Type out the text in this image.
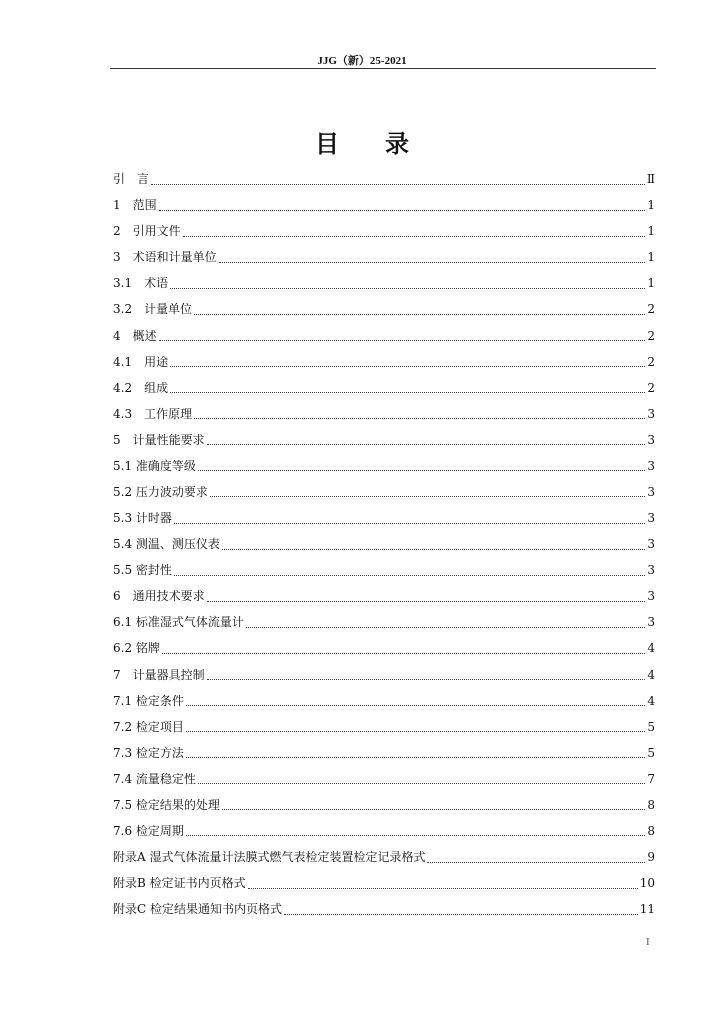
JJG（新）25-2021
目录
引　言	Ⅱ
1　范围	1
2　引用文件	1
3　术语和计量单位	1
3.1　术语	1
3.2　计量单位	2
4　概述	2
4.1　用途	2
4.2　组成	2
4.3　工作原理	3
5　计量性能要求	3
5.1 准确度等级	3
5.2 压力波动要求	3
5.3 计时器	3
5.4 测温、测压仪表	3
5.5 密封性	3
6　通用技术要求	3
6.1 标准湿式气体流量计	3
6.2 铭牌	4
7　计量器具控制	4
7.1 检定条件	4
7.2 检定项目	5
7.3 检定方法	5
7.4 流量稳定性	7
7.5 检定结果的处理	8
7.6 检定周期	8
附录A 湿式气体流量计法膜式燃气表检定装置检定记录格式	9
附录B 检定证书内页格式	10
附录C 检定结果通知书内页格式	11
I
